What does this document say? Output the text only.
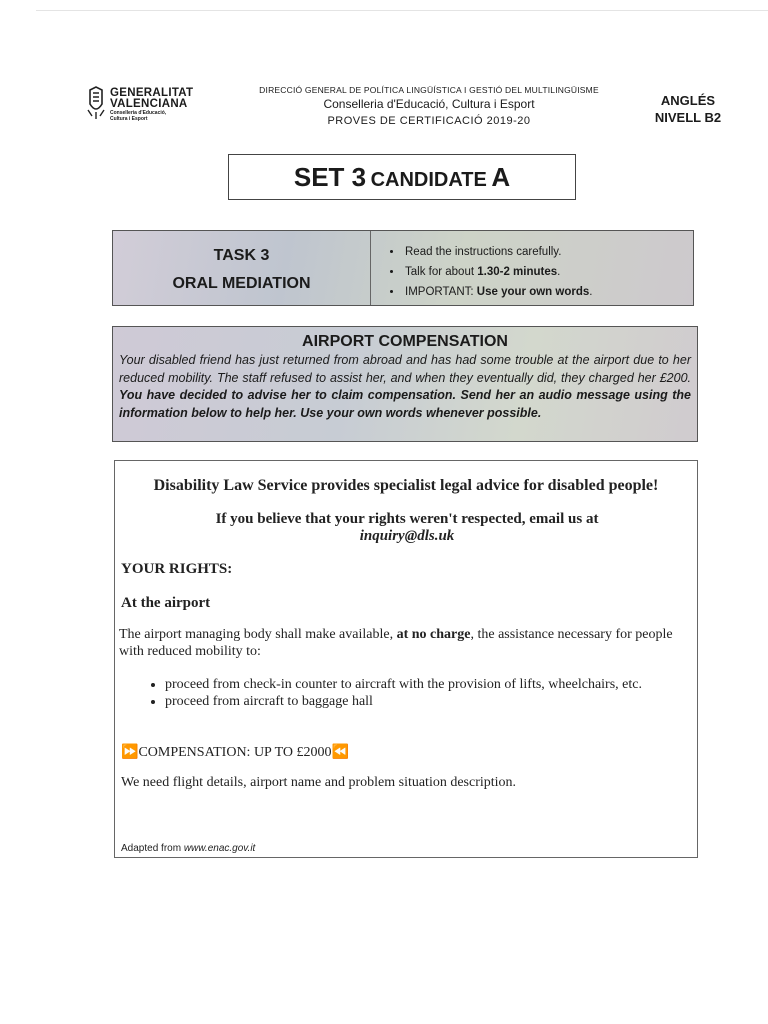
GENERALITAT
VALENCIANA
Conselleria d'Educació,
Cultura i Esport
DIRECCIÓ GENERAL DE POLÍTICA LINGÜÍSTICA I GESTIÓ DEL MULTILINGÜISME
Conselleria d'Educació, Cultura i Esport
PROVES DE CERTIFICACIÓ 2019-20
ANGLÉS
NIVELL B2
SET 3 CANDIDATE A
TASK 3
ORAL MEDIATION
• Read the instructions carefully.
• Talk for about 1.30-2 minutes.
• IMPORTANT: Use your own words.
AIRPORT COMPENSATION
Your disabled friend has just returned from abroad and has had some trouble at the airport due to her reduced mobility. The staff refused to assist her, and when they eventually did, they charged her £200. You have decided to advise her to claim compensation. Send her an audio message using the information below to help her. Use your own words whenever possible.
Disability Law Service provides specialist legal advice for disabled people!
If you believe that your rights weren't respected, email us at
inquiry@dls.uk
YOUR RIGHTS:
At the airport
The airport managing body shall make available, at no charge, the assistance necessary for people with reduced mobility to:
• proceed from check-in counter to aircraft with the provision of lifts, wheelchairs, etc.
• proceed from aircraft to baggage hall
⏩COMPENSATION: UP TO £2000⏪
We need flight details, airport name and problem situation description.
Adapted from www.enac.gov.it
